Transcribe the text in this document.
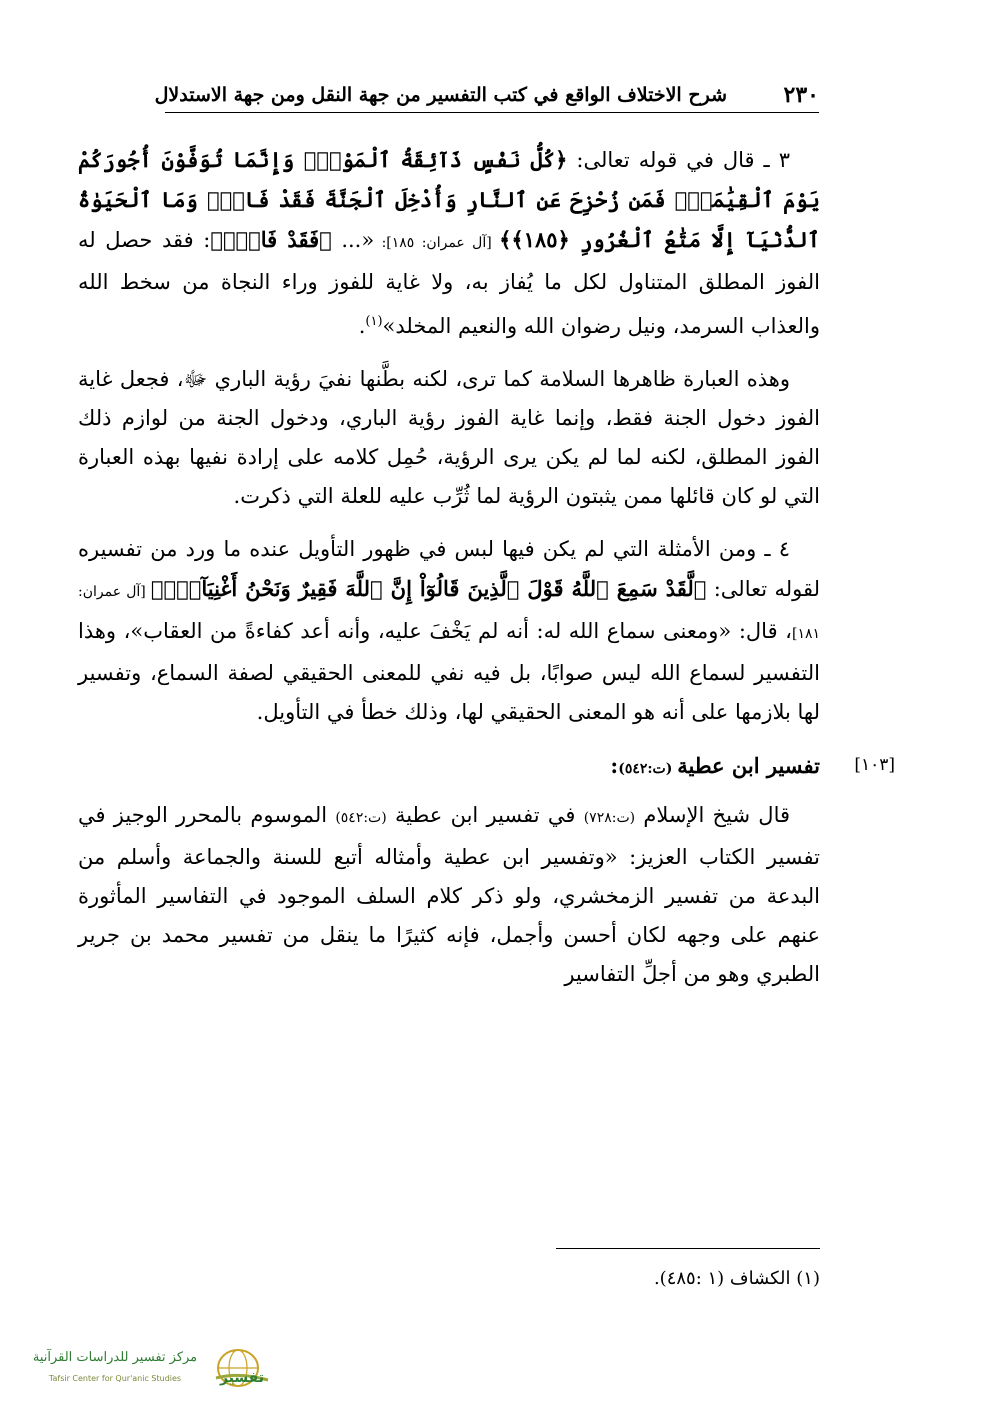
٢٣٠
شرح الاختلاف الواقع في كتب التفسير من جهة النقل ومن جهة الاستدلال

٣ ـ قال في قوله تعالى: ﴿كُلُّ نَفْسٍ ذَآئِقَةُ ٱلْمَوْتِۗ وَإِنَّمَا تُوَفَّوْنَ أُجُورَكُمْ يَوْمَ ٱلْقِيَٰمَةِۖ فَمَن زُحْزِحَ عَنِ ٱلنَّارِ وَأُدْخِلَ ٱلْجَنَّةَ فَقَدْ فَازَۗ وَمَا ٱلْحَيَوٰةُ ٱلدُّنْيَآ إِلَّا مَتَٰعُ ٱلْغُرُورِ ﴿١٨٥﴾﴾ [آل عمران: ١٨٥]: «... ﴿فَقَدْ فَازَۗ﴾: فقد حصل له الفوز المطلق المتناول لكل ما يُفاز به، ولا غاية للفوز وراء النجاة من سخط الله والعذاب السرمد، ونيل رضوان الله والنعيم المخلد»$^{(١)}$.

وهذه العبارة ظاهرها السلامة كما ترى، لكنه بطَّنها نفيَ رؤية الباري ﷻ، فجعل غاية الفوز دخول الجنة فقط، وإنما غاية الفوز رؤية الباري، ودخول الجنة من لوازم ذلك الفوز المطلق، لكنه لما لم يكن يرى الرؤية، حُمِل كلامه على إرادة نفيها بهذه العبارة التي لو كان قائلها ممن يثبتون الرؤية لما ثُرِّب عليه للعلة التي ذكرت.

٤ ـ ومن الأمثلة التي لم يكن فيها لبس في ظهور التأويل عنده ما ورد من تفسيره لقوله تعالى: ﴿لَّقَدْ سَمِعَ ٱللَّهُ قَوْلَ ٱلَّذِينَ قَالُوٓاْ إِنَّ ٱللَّهَ فَقِيرٌ وَنَحْنُ أَغْنِيَآءُۘ﴾ [آل عمران: ١٨١]، قال: «ومعنى سماع الله له: أنه لم يَخْفَ عليه، وأنه أعد كفاءةً من العقاب»، وهذا التفسير لسماع الله ليس صوابًا، بل فيه نفي للمعنى الحقيقي لصفة السماع، وتفسير لها بلازمها على أنه هو المعنى الحقيقي لها، وذلك خطأ في التأويل.

[١٠٣]
تفسير ابن عطية (ت:٥٤٢):

قال شيخ الإسلام (ت:٧٢٨) في تفسير ابن عطية (ت:٥٤٢) الموسوم بالمحرر الوجيز في تفسير الكتاب العزيز: «وتفسير ابن عطية وأمثاله أتبع للسنة والجماعة وأسلم من البدعة من تفسير الزمخشري، ولو ذكر كلام السلف الموجود في التفاسير المأثورة عنهم على وجهه لكان أحسن وأجمل، فإنه كثيرًا ما ينقل من تفسير محمد بن جرير الطبري وهو من أجلِّ التفاسير

(١) الكشاف (١ :٤٨٥).
مركز تفسير للدراسات القرآنية
Tafsir Center for Qur'anic Studies	تفسير
